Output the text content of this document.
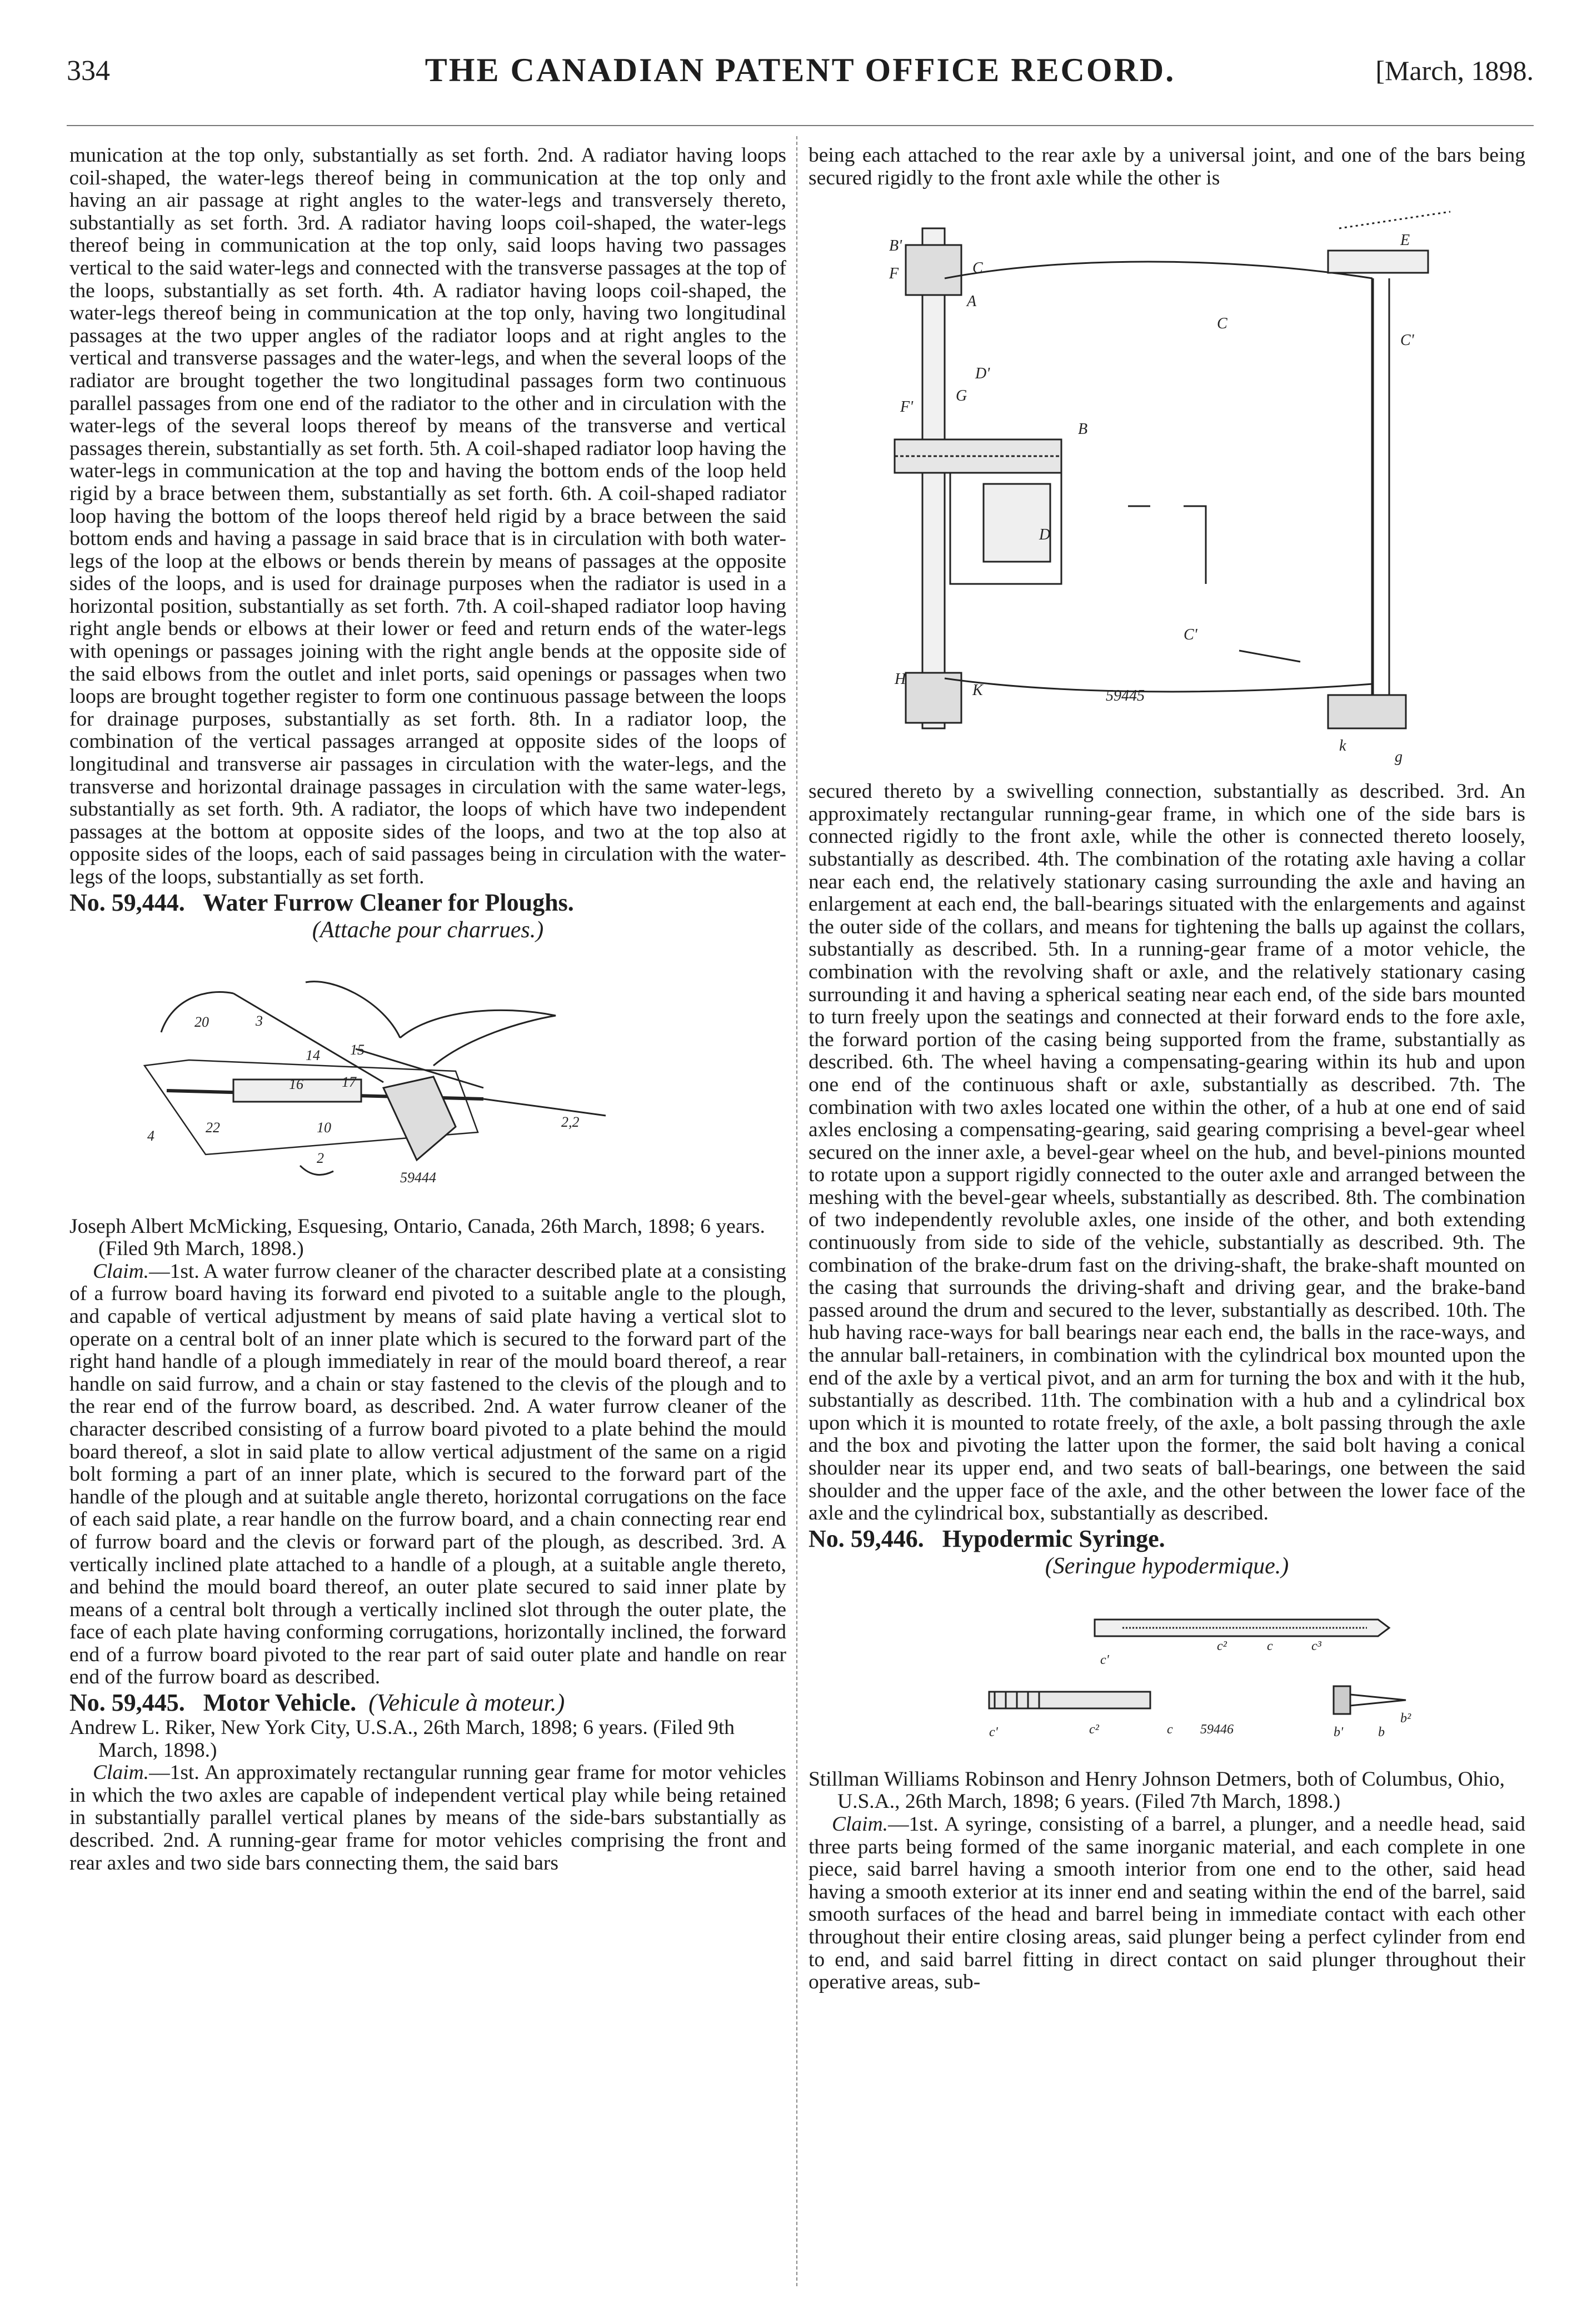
334	THE CANADIAN PATENT OFFICE RECORD.	[March, 1898.

munication at the top only, substantially as set forth. 2nd. A radiator having loops coil-shaped, the water-legs thereof being in communication at the top only and having an air passage at right angles to the water-legs and transversely thereto, substantially as set forth. 3rd. A radiator having loops coil-shaped, the water-legs thereof being in communication at the top only, said loops having two passages vertical to the said water-legs and connected with the transverse passages at the top of the loops, substantially as set forth. 4th. A radiator having loops coil-shaped, the water-legs thereof being in communication at the top only, having two longitudinal passages at the two upper angles of the radiator loops and at right angles to the vertical and transverse passages and the water-legs, and when the several loops of the radiator are brought together the two longitudinal passages form two continuous parallel passages from one end of the radiator to the other and in circulation with the water-legs of the several loops thereof by means of the transverse and vertical passages therein, substantially as set forth. 5th. A coil-shaped radiator loop having the water-legs in communication at the top and having the bottom ends of the loop held rigid by a brace between them, substantially as set forth. 6th. A coil-shaped radiator loop having the bottom of the loops thereof held rigid by a brace between the said bottom ends and having a passage in said brace that is in circulation with both water-legs of the loop at the elbows or bends therein by means of passages at the opposite sides of the loops, and is used for drainage purposes when the radiator is used in a horizontal position, substantially as set forth. 7th. A coil-shaped radiator loop having right angle bends or elbows at their lower or feed and return ends of the water-legs with openings or passages joining with the right angle bends at the opposite side of the said elbows from the outlet and inlet ports, said openings or passages when two loops are brought together register to form one continuous passage between the loops for drainage purposes, substantially as set forth. 8th. In a radiator loop, the combination of the vertical passages arranged at opposite sides of the loops of longitudinal and transverse air passages in circulation with the water-legs, and the transverse and horizontal drainage passages in circulation with the same water-legs, substantially as set forth. 9th. A radiator, the loops of which have two independent passages at the bottom at opposite sides of the loops, and two at the top also at opposite sides of the loops, each of said passages being in circulation with the water-legs of the loops, substantially as set forth.

No. 59,444. Water Furrow Cleaner for Ploughs.

(Attache pour charrues.)

20	3
14 15
16	17
10
2
2,2
4
22
59444

Joseph Albert McMicking, Esquesing, Ontario, Canada, 26th March, 1898; 6 years. (Filed 9th March, 1898.)

Claim.—1st. A water furrow cleaner of the character described plate at a consisting of a furrow board having its forward end pivoted to a suitable angle to the plough, and capable of vertical adjustment by means of said plate having a vertical slot to operate on a central bolt of an inner plate which is secured to the forward part of the right hand handle of a plough immediately in rear of the mould board thereof, a rear handle on said furrow, and a chain or stay fastened to the clevis of the plough and to the rear end of the furrow board, as described. 2nd. A water furrow cleaner of the character described consisting of a furrow board pivoted to a plate behind the mould board thereof, a slot in said plate to allow vertical adjustment of the same on a rigid bolt forming a part of an inner plate, which is secured to the forward part of the handle of the plough and at suitable angle thereto, horizontal corrugations on the face of each said plate, a rear handle on the furrow board, and a chain connecting rear end of furrow board and the clevis or forward part of the plough, as described. 3rd. A vertically inclined plate attached to a handle of a plough, at a suitable angle thereto, and behind the mould board thereof, an outer plate secured to said inner plate by means of a central bolt through a vertically inclined slot through the outer plate, the face of each plate having conforming corrugations, horizontally inclined, the forward end of a furrow board pivoted to the rear part of said outer plate and handle on rear end of the furrow board as described.

No. 59,445. Motor Vehicle. (Vehicule à moteur.)

Andrew L. Riker, New York City, U.S.A., 26th March, 1898; 6 years. (Filed 9th March, 1898.)

Claim.—1st. An approximately rectangular running gear frame for motor vehicles in which the two axles are capable of independent vertical play while being retained in substantially parallel vertical planes by means of the side-bars substantially as described. 2nd. A running-gear frame for motor vehicles comprising the front and rear axles and two side bars connecting them, the said bars

being each attached to the rear axle by a universal joint, and one of the bars being secured rigidly to the front axle while the other is

B'
F
A
C
D'
F'
G
B
C
C'
D
C'
H
K
k
g
E
59445

secured thereto by a swivelling connection, substantially as described. 3rd. An approximately rectangular running-gear frame, in which one of the side bars is connected rigidly to the front axle, while the other is connected thereto loosely, substantially as described. 4th. The combination of the rotating axle having a collar near each end, the relatively stationary casing surrounding the axle and having an enlargement at each end, the ball-bearings situated with the enlargements and against the outer side of the collars, and means for tightening the balls up against the collars, substantially as described. 5th. In a running-gear frame of a motor vehicle, the combination with the revolving shaft or axle, and the relatively stationary casing surrounding it and having a spherical seating near each end, of the side bars mounted to turn freely upon the seatings and connected at their forward ends to the fore axle, the forward portion of the casing being supported from the frame, substantially as described. 6th. The wheel having a compensating-gearing within its hub and upon one end of the continuous shaft or axle, substantially as described. 7th. The combination with two axles located one within the other, of a hub at one end of said axles enclosing a compensating-gearing, said gearing comprising a bevel-gear wheel secured on the inner axle, a bevel-gear wheel on the hub, and bevel-pinions mounted to rotate upon a support rigidly connected to the outer axle and arranged between the meshing with the bevel-gear wheels, substantially as described. 8th. The combination of two independently revoluble axles, one inside of the other, and both extending continuously from side to side of the vehicle, substantially as described. 9th. The combination of the brake-drum fast on the driving-shaft, the brake-shaft mounted on the casing that surrounds the driving-shaft and driving gear, and the brake-band passed around the drum and secured to the lever, substantially as described. 10th. The hub having race-ways for ball bearings near each end, the balls in the race-ways, and the annular ball-retainers, in combination with the cylindrical box mounted upon the end of the axle by a vertical pivot, and an arm for turning the box and with it the hub, substantially as described. 11th. The combination with a hub and a cylindrical box upon which it is mounted to rotate freely, of the axle, a bolt passing through the axle and the box and pivoting the latter upon the former, the said bolt having a conical shoulder near its upper end, and two seats of ball-bearings, one between the said shoulder and the upper face of the axle, and the other between the lower face of the axle and the cylindrical box, substantially as described.

No. 59,446. Hypodermic Syringe.

(Seringue hypodermique.)

c'
c²	c	c³
c'	c²	c	b'	b
b²
59446

Stillman Williams Robinson and Henry Johnson Detmers, both of Columbus, Ohio, U.S.A., 26th March, 1898; 6 years. (Filed 7th March, 1898.)

Claim.—1st. A syringe, consisting of a barrel, a plunger, and a needle head, said three parts being formed of the same inorganic material, and each complete in one piece, said barrel having a smooth interior from one end to the other, said head having a smooth exterior at its inner end and seating within the end of the barrel, said smooth surfaces of the head and barrel being in immediate contact with each other throughout their entire closing areas, said plunger being a perfect cylinder from end to end, and said barrel fitting in direct contact on said plunger throughout their operative areas, sub-
